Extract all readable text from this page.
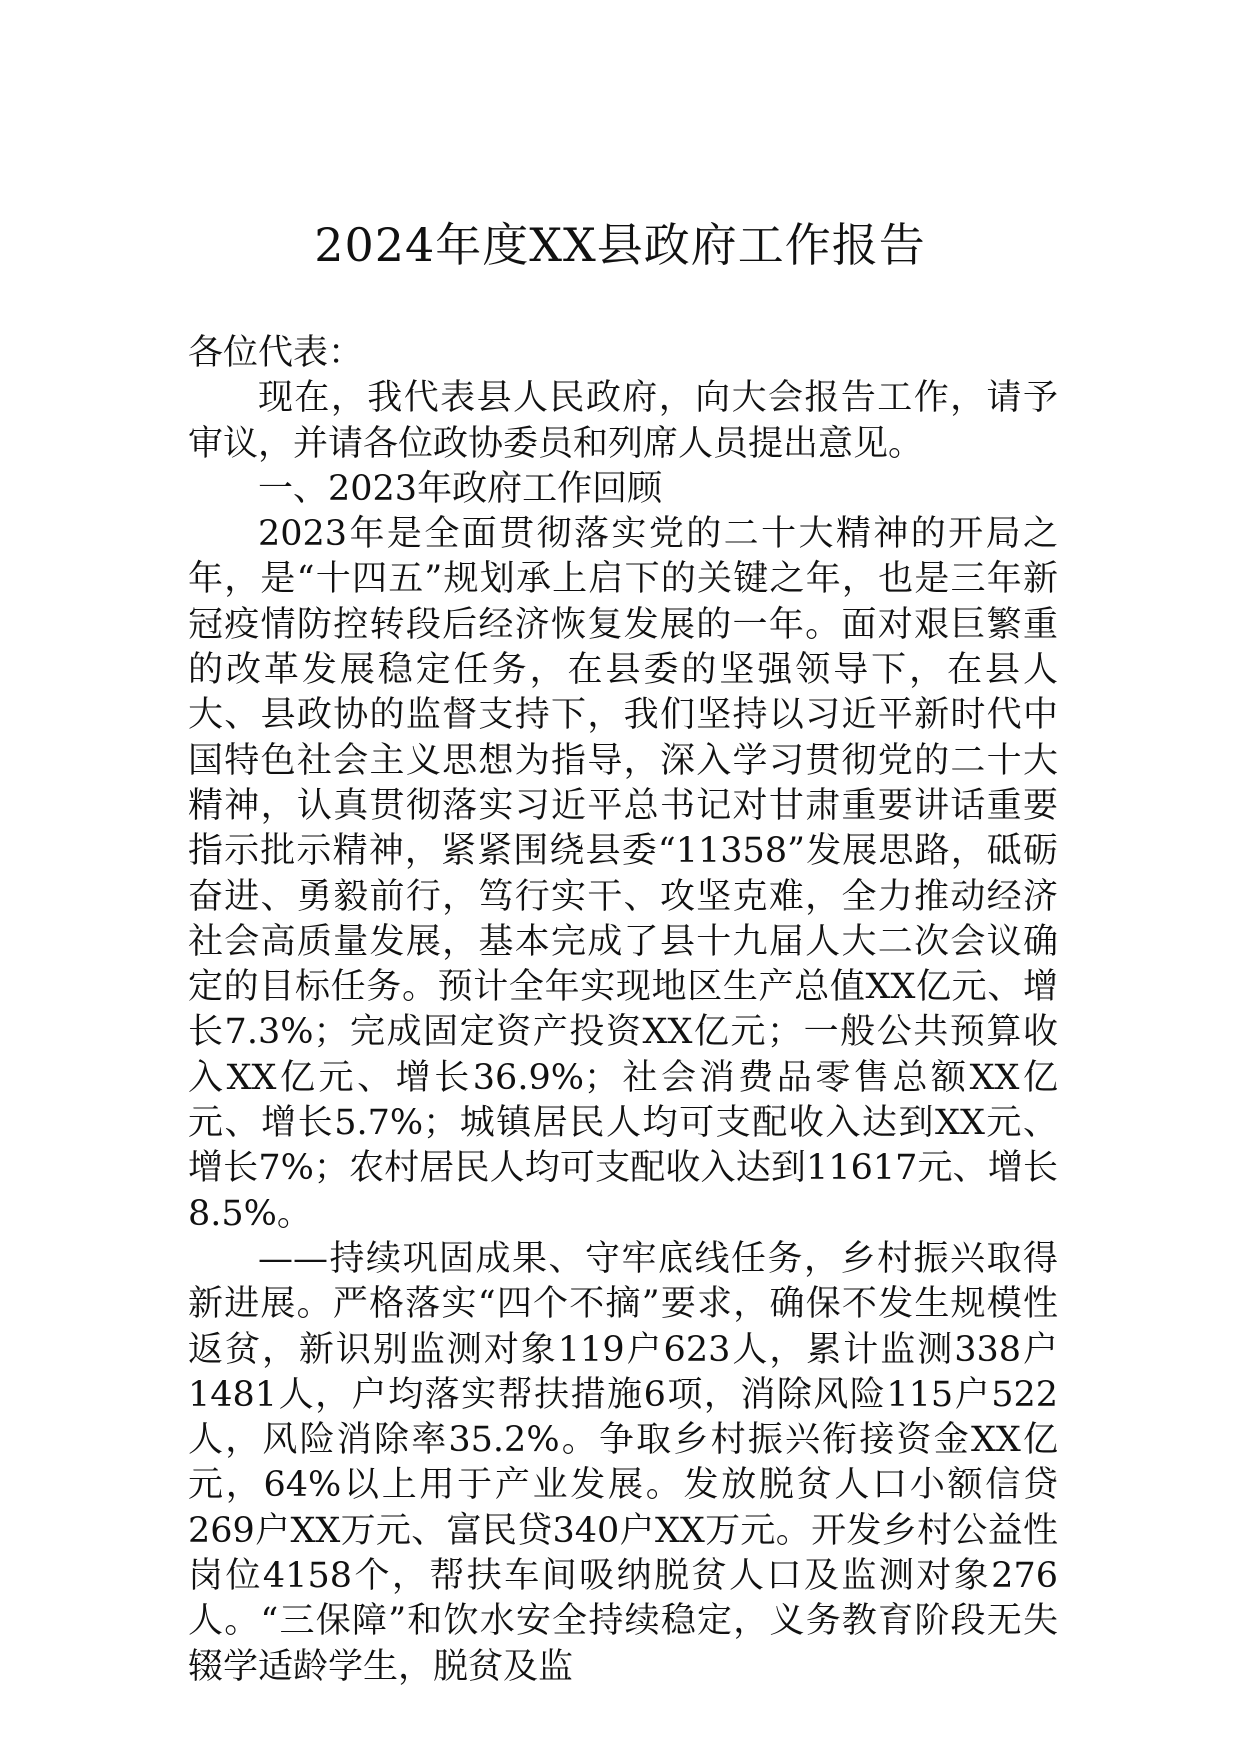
2024年度XX县政府工作报告

各位代表：

现在，我代表县人民政府，向大会报告工作，请予审议，并请各位政协委员和列席人员提出意见。

一、2023年政府工作回顾

2023年是全面贯彻落实党的二十大精神的开局之年，是“十四五”规划承上启下的关键之年，也是三年新冠疫情防控转段后经济恢复发展的一年。面对艰巨繁重的改革发展稳定任务，在县委的坚强领导下，在县人大、县政协的监督支持下，我们坚持以习近平新时代中国特色社会主义思想为指导，深入学习贯彻党的二十大精神，认真贯彻落实习近平总书记对甘肃重要讲话重要指示批示精神，紧紧围绕县委“11358”发展思路，砥砺奋进、勇毅前行，笃行实干、攻坚克难，全力推动经济社会高质量发展，基本完成了县十九届人大二次会议确定的目标任务。预计全年实现地区生产总值XX亿元、增长7.3%；完成固定资产投资XX亿元；一般公共预算收入XX亿元、增长36.9%；社会消费品零售总额XX亿元、增长5.7%；城镇居民人均可支配收入达到XX元、增长7%；农村居民人均可支配收入达到11617元、增长8.5%。

——持续巩固成果、守牢底线任务，乡村振兴取得新进展。严格落实“四个不摘”要求，确保不发生规模性返贫，新识别监测对象119户623人，累计监测338户1481人，户均落实帮扶措施6项，消除风险115户522人，风险消除率35.2%。争取乡村振兴衔接资金XX亿元，64%以上用于产业发展。发放脱贫人口小额信贷269户XX万元、富民贷340户XX万元。开发乡村公益性岗位4158个，帮扶车间吸纳脱贫人口及监测对象276人。“三保障”和饮水安全持续稳定，义务教育阶段无失辍学适龄学生，脱贫及监
